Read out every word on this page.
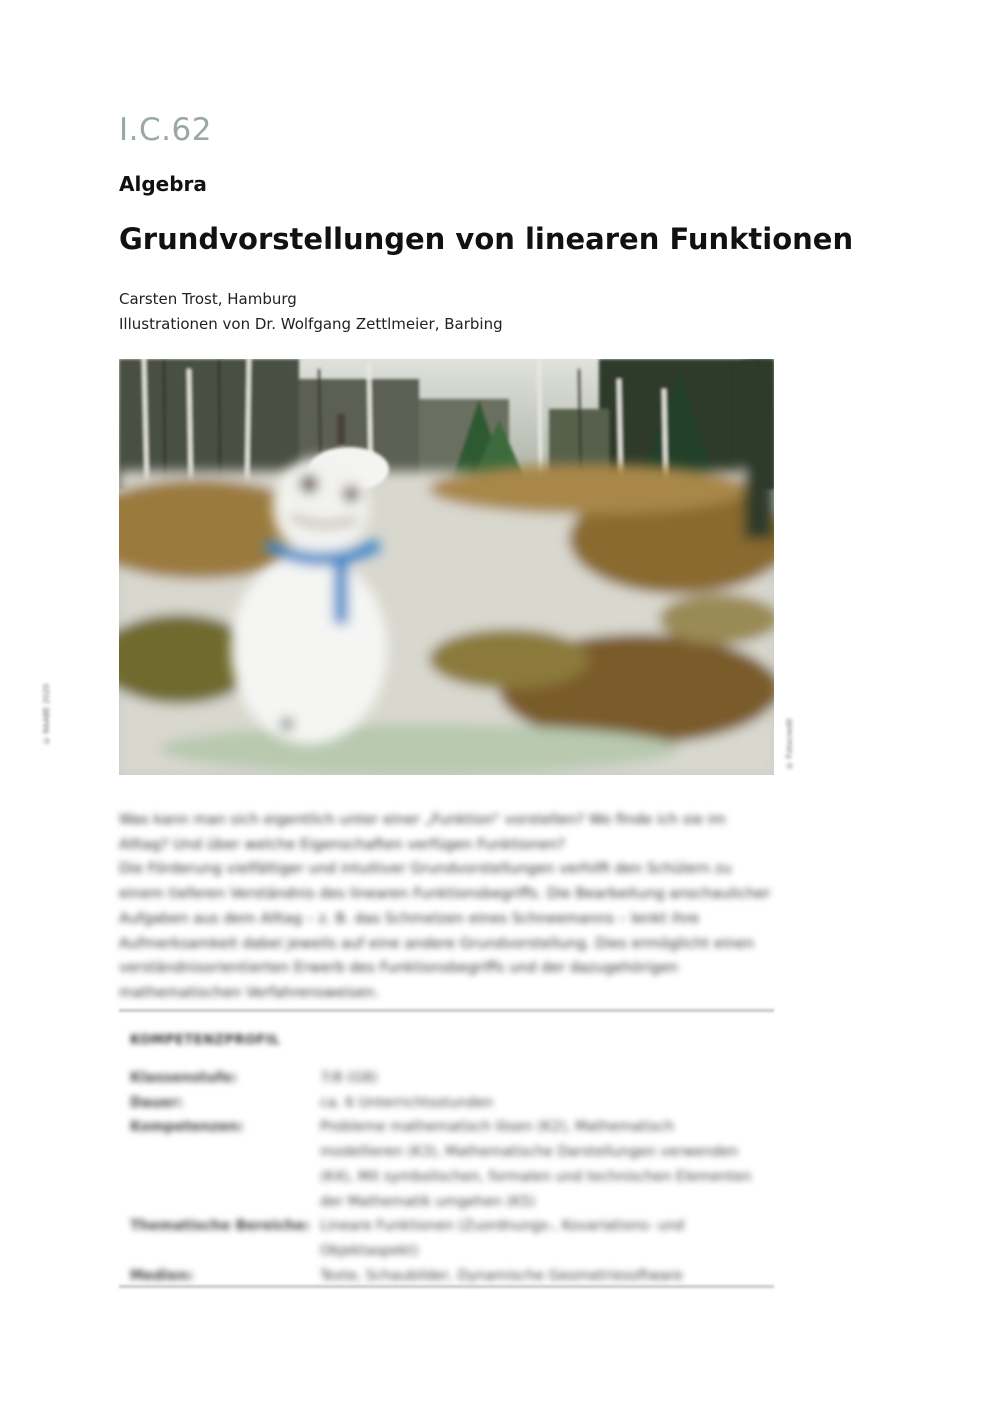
I.C.62
Algebra
Grundvorstellungen von linearen Funktionen
Carsten Trost, Hamburg
Illustrationen von Dr. Wolfgang Zettlmeier, Barbing
© Fotocredit
© RAABE 2020

Was kann man sich eigentlich unter einer „Funktion“ vorstellen? Wo finde ich sie im Alltag? Und über welche Eigenschaften verfügen Funktionen?

Die Förderung vielfältiger und intuitiver Grundvorstellungen verhilft den Schülern zu einem tieferen Verständnis des linearen Funktionsbegriffs. Die Bearbeitung anschaulicher Aufgaben aus dem Alltag – z. B. das Schmelzen eines Schneemanns – lenkt ihre Aufmerksamkeit dabei jeweils auf eine andere Grundvorstellung. Dies ermöglicht einen verständnisorientierten Erwerb des Funktionsbegriffs und der dazugehörigen mathematischen Verfahrensweisen.

KOMPETENZPROFIL
Klassenstufe:	7/8 (G8)
Dauer:	ca. 6 Unterrichtsstunden
Kompetenzen:	Probleme mathematisch lösen (K2), Mathematisch modellieren (K3), Mathematische Darstellungen verwenden (K4), Mit symbolischen, formalen und technischen Elementen der Mathematik umgehen (K5)
Thematische Bereiche: Lineare Funktionen (Zuordnungs-, Kovariations- und Objektaspekt)
Medien:	Texte, Schaubilder, Dynamische Geometriesoftware
